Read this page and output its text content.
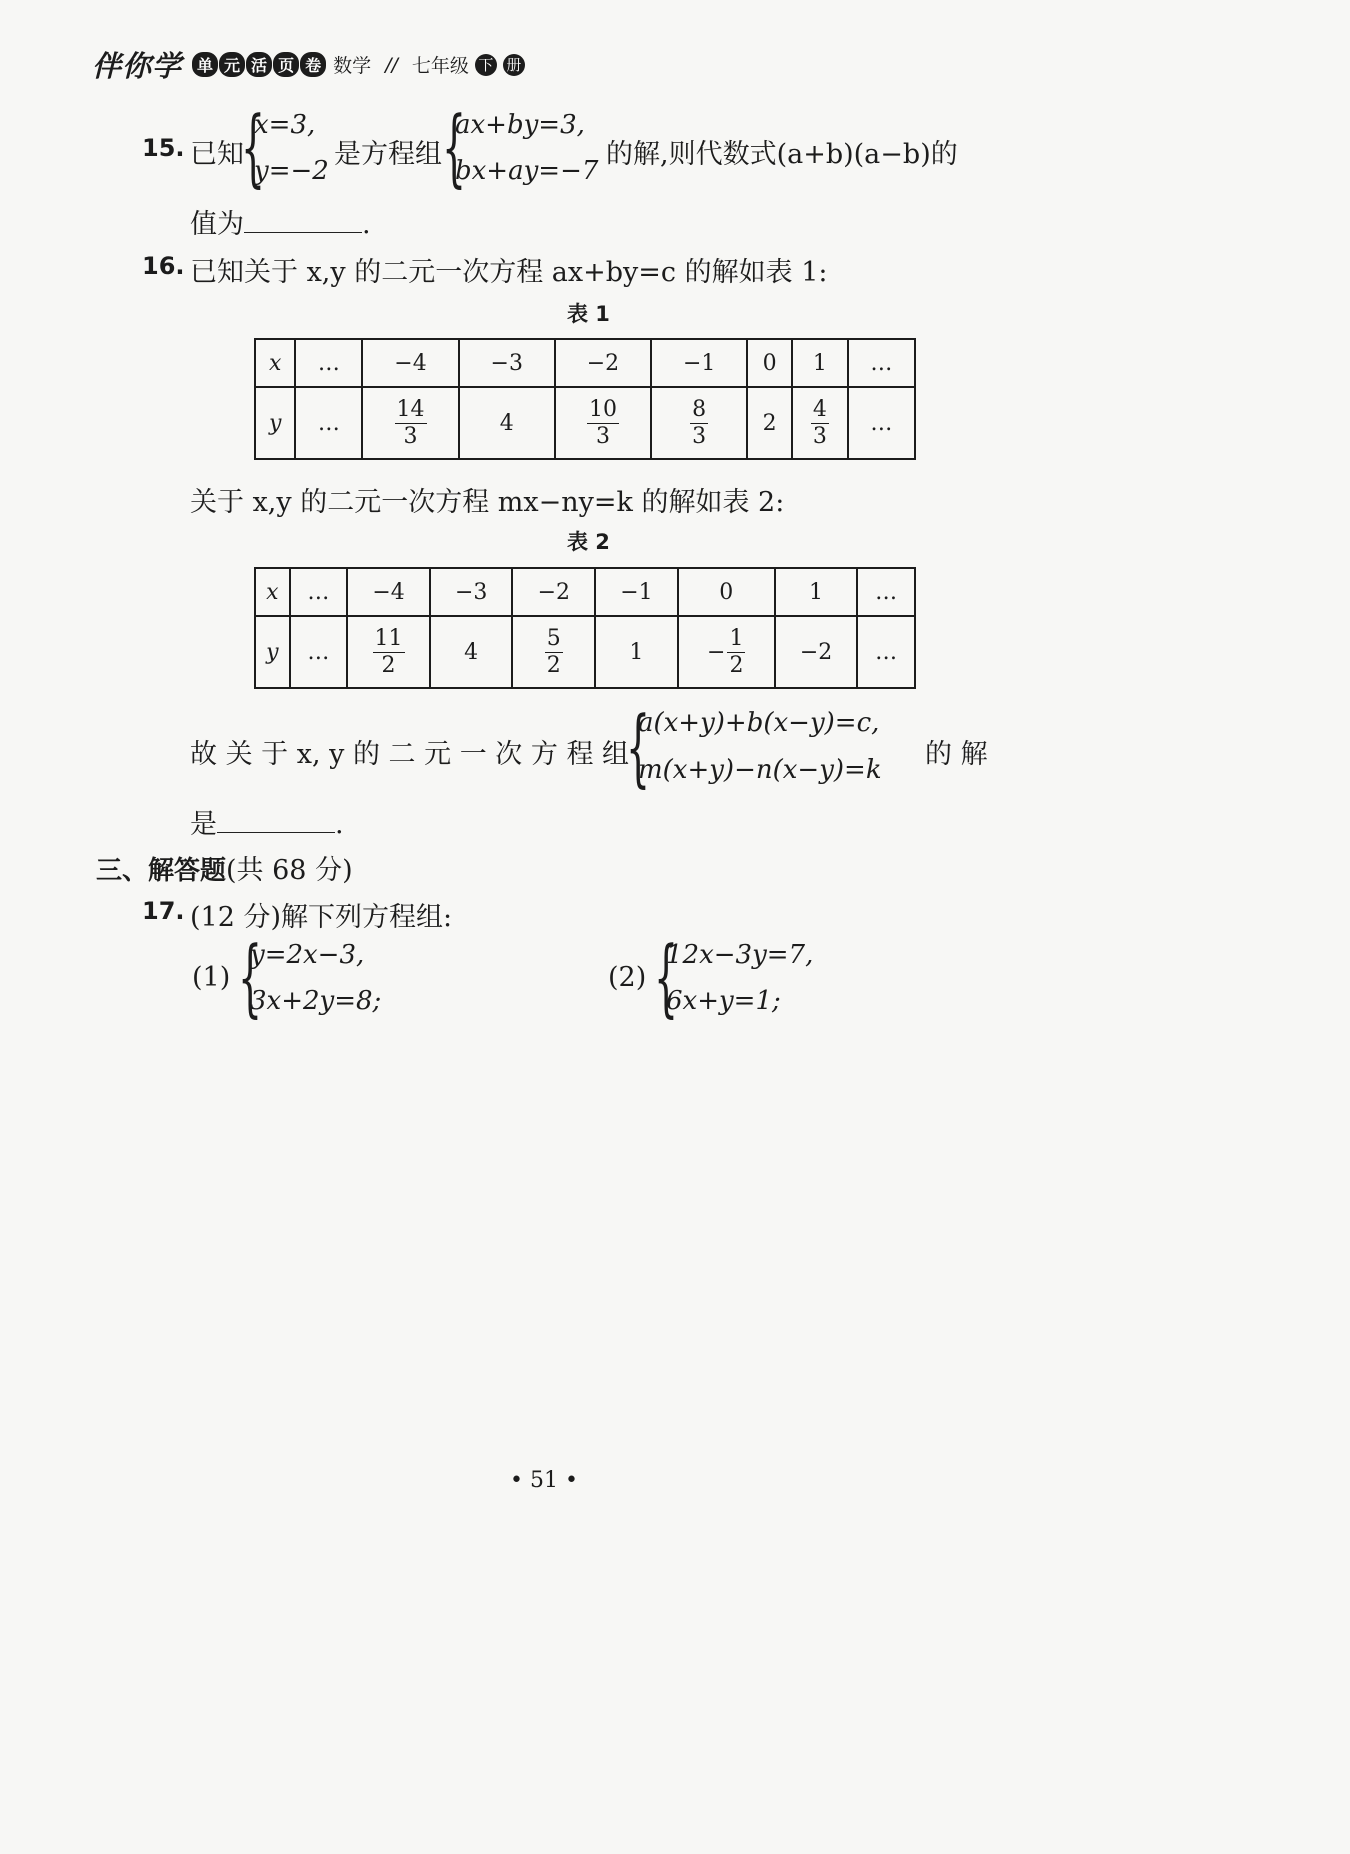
伴你学 单 元 活 页 卷 数学 // 七年级 下 册
15. 已知
{
x=3,
y=−2
是方程组 {
ax+by=3,
bx+ay=−7
的解,则代数式(a+b)(a−b)的
值为	.
16. 已知关于 x,y 的二元一次方程 ax+by=c 的解如表 1:
表 1
x	…	−4	−3	−2	−1	0	1	…
y	…	$\frac{14}{3}$	4	$\frac{10}{3}$	$\frac{8}{3}$	2	$\frac{4}{3}$	…
关于 x,y 的二元一次方程 mx−ny=k 的解如表 2:
表 2
x	…	−4	−3	−2	−1	0	1	…
y	…	$\frac{11}{2}$	4	$\frac{5}{2}$	1	− $\frac{1}{2}$	−2	…
故 关 于 x, y 的 二 元 一 次 方 程 组
{
a(x+y)+b(x−y)=c,
m(x+y)−n(x−y)=k 的 解
是	.
三、解答题(共 68 分)
17. (12 分)解下列方程组:
(1) {
y=2x−3,
3x+2y=8;
(2) {
12x−3y=7,
6x+y=1;
• 51 •
